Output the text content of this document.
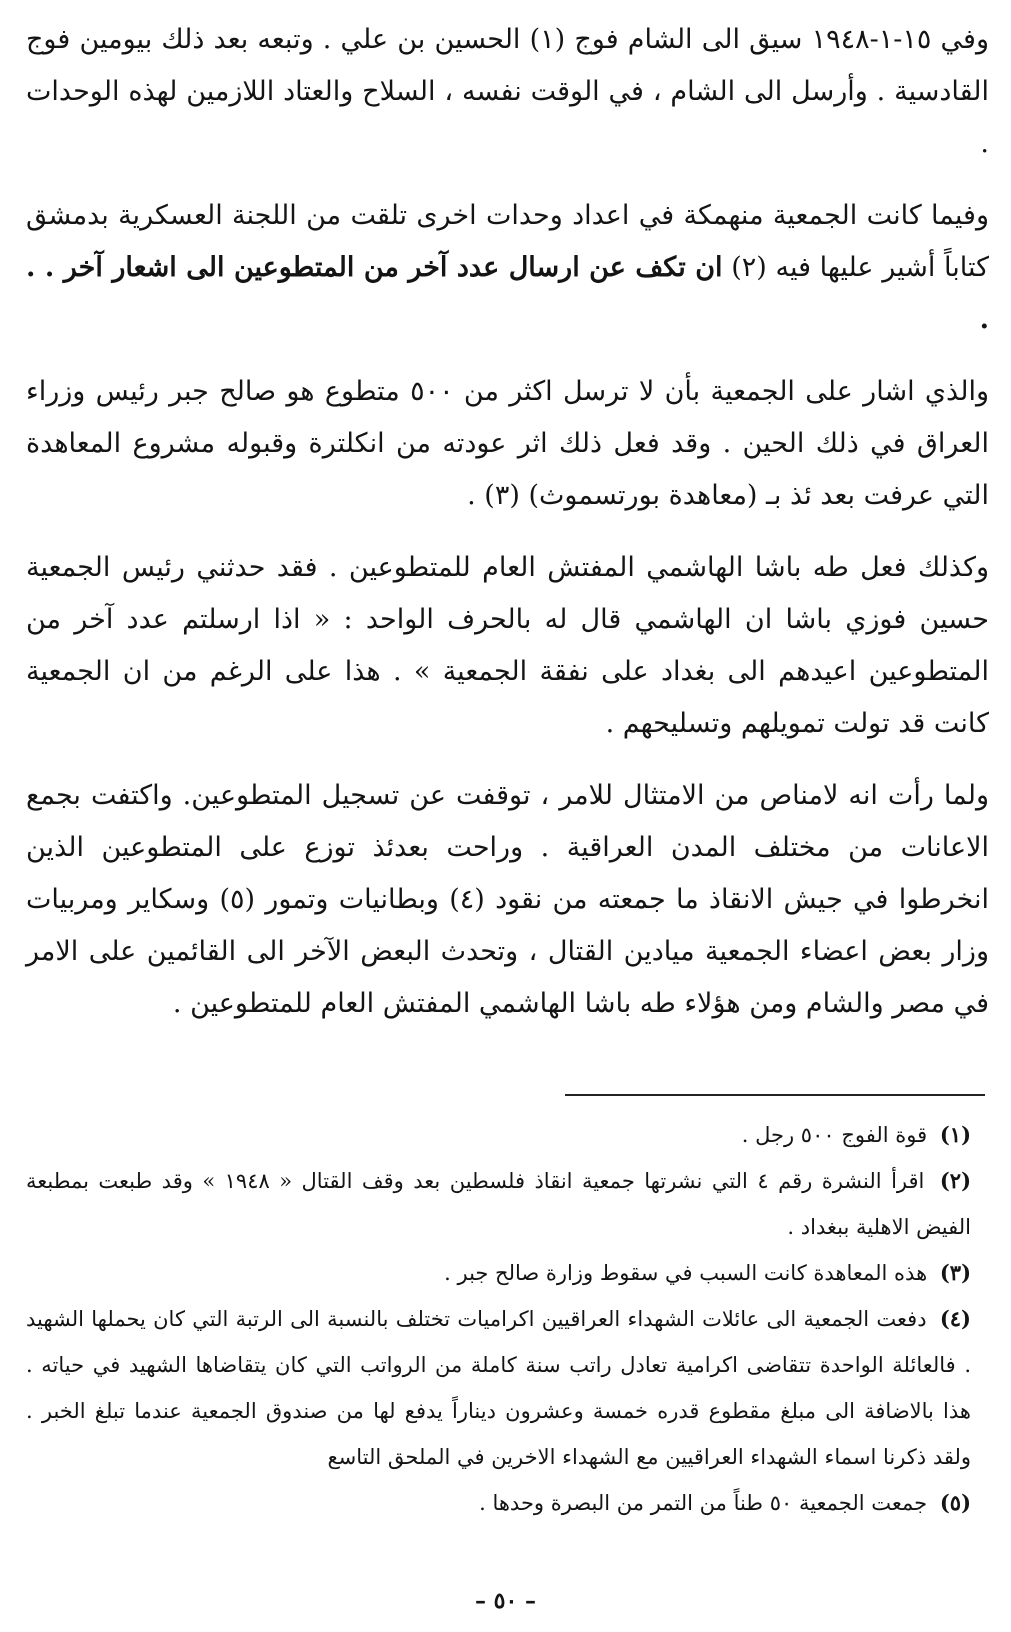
وفي ١٥-١-١٩٤٨ سيق الى الشام فوج (١) الحسين بن علي . وتبعه بعد ذلك بيومين فوج القادسية . وأرسل الى الشام ، في الوقت نفسه ، السلاح والعتاد اللازمين لهذه الوحدات .

وفيما كانت الجمعية منهمكة في اعداد وحدات اخرى تلقت من اللجنة العسكرية بدمشق كتاباً أشير عليها فيه (٢) ان تكف عن ارسال عدد آخر من المتطوعين الى اشعار آخر . . .

والذي اشار على الجمعية بأن لا ترسل اكثر من ٥٠٠ متطوع هو صالح جبر رئيس وزراء العراق في ذلك الحين . وقد فعل ذلك اثر عودته من انكلترة وقبوله مشروع المعاهدة التي عرفت بعد ئذ بـ (معاهدة بورتسموث) (٣) .

وكذلك فعل طه باشا الهاشمي المفتش العام للمتطوعين . فقد حدثني رئيس الجمعية حسين فوزي باشا ان الهاشمي قال له بالحرف الواحد : « اذا ارسلتم عدد آخر من المتطوعين اعيدهم الى بغداد على نفقة الجمعية » . هذا على الرغم من ان الجمعية كانت قد تولت تمويلهم وتسليحهم .

ولما رأت انه لامناص من الامتثال للامر ، توقفت عن تسجيل المتطوعين. واكتفت بجمع الاعانات من مختلف المدن العراقية . وراحت بعدئذ توزع على المتطوعين الذين انخرطوا في جيش الانقاذ ما جمعته من نقود (٤) وبطانيات وتمور (٥) وسكاير ومربيات وزار بعض اعضاء الجمعية ميادين القتال ، وتحدث البعض الآخر الى القائمين على الامر في مصر والشام ومن هؤلاء طه باشا الهاشمي المفتش العام للمتطوعين .

(١) قوة الفوج ٥٠٠ رجل .

(٢) اقرأ النشرة رقم ٤ التي نشرتها جمعية انقاذ فلسطين بعد وقف القتال « ١٩٤٨ » وقد طبعت بمطبعة الفيض الاهلية ببغداد .

(٣) هذه المعاهدة كانت السبب في سقوط وزارة صالح جبر .

(٤) دفعت الجمعية الى عائلات الشهداء العراقيين اكراميات تختلف بالنسبة الى الرتبة التي كان يحملها الشهيد . فالعائلة الواحدة تتقاضى اكرامية تعادل راتب سنة كاملة من الرواتب التي كان يتقاضاها الشهيد في حياته . هذا بالاضافة الى مبلغ مقطوع قدره خمسة وعشرون ديناراً يدفع لها من صندوق الجمعية عندما تبلغ الخبر . ولقد ذكرنا اسماء الشهداء العراقيين مع الشهداء الاخرين في الملحق التاسع

(٥) جمعت الجمعية ٥٠ طناً من التمر من البصرة وحدها .

– ٥٠ –
